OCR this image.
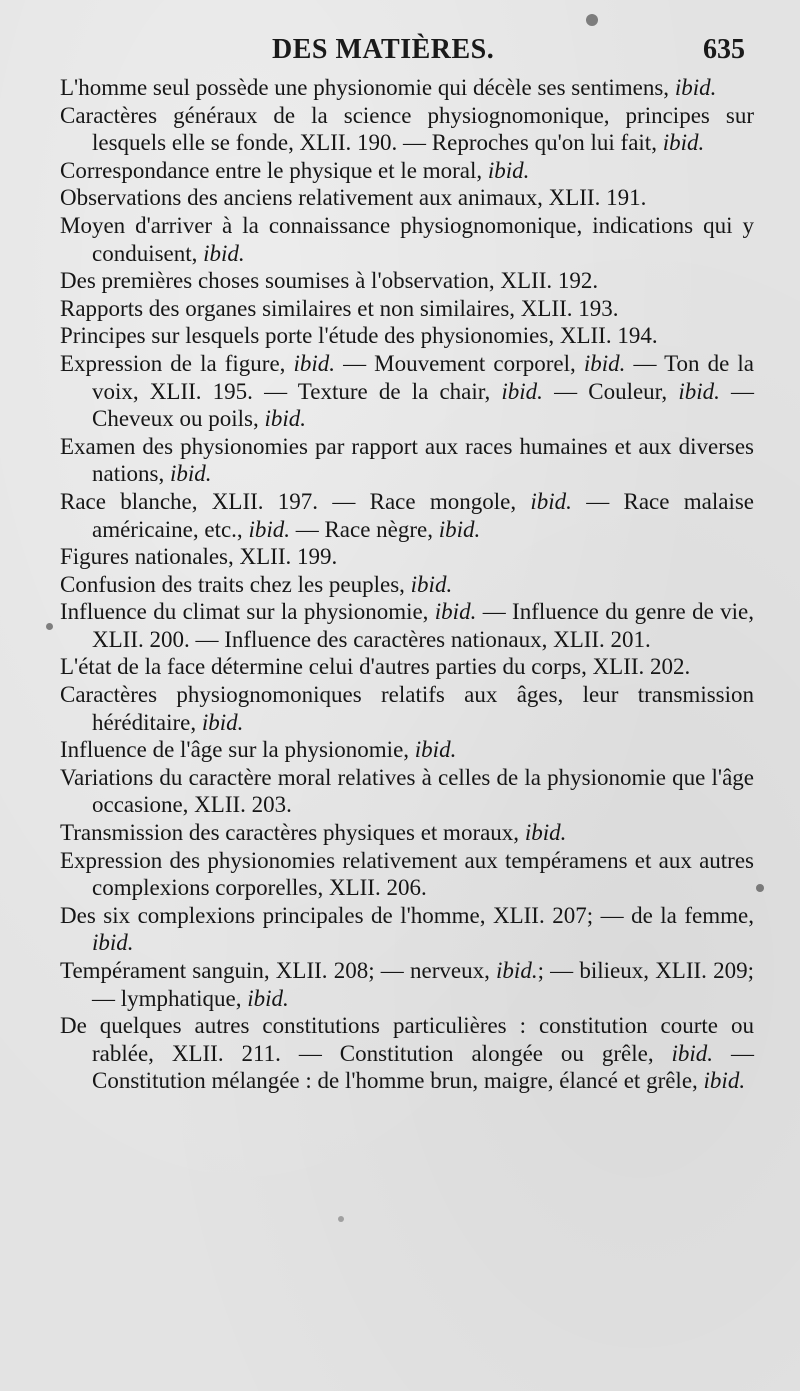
DES MATIÈRES.	635

L'homme seul possède une physionomie qui décèle ses sentimens, ibid.

Caractères généraux de la science physiognomonique, principes sur lesquels elle se fonde, XLII. 190. — Reproches qu'on lui fait, ibid.

Correspondance entre le physique et le moral, ibid.

Observations des anciens relativement aux animaux, XLII. 191.

Moyen d'arriver à la connaissance physiognomonique, indications qui y conduisent, ibid.

Des premières choses soumises à l'observation, XLII. 192.

Rapports des organes similaires et non similaires, XLII. 193.

Principes sur lesquels porte l'étude des physionomies, XLII. 194.

Expression de la figure, ibid. — Mouvement corporel, ibid. — Ton de la voix, XLII. 195. — Texture de la chair, ibid. — Couleur, ibid. — Cheveux ou poils, ibid.

Examen des physionomies par rapport aux races humaines et aux diverses nations, ibid.

Race blanche, XLII. 197. — Race mongole, ibid. — Race malaise américaine, etc., ibid. — Race nègre, ibid.

Figures nationales, XLII. 199.

Confusion des traits chez les peuples, ibid.

Influence du climat sur la physionomie, ibid. — Influence du genre de vie, XLII. 200. — Influence des caractères nationaux, XLII. 201.

L'état de la face détermine celui d'autres parties du corps, XLII. 202.

Caractères physiognomoniques relatifs aux âges, leur transmission héréditaire, ibid.

Influence de l'âge sur la physionomie, ibid.

Variations du caractère moral relatives à celles de la physionomie que l'âge occasione, XLII. 203.

Transmission des caractères physiques et moraux, ibid.

Expression des physionomies relativement aux tempéramens et aux autres complexions corporelles, XLII. 206.

Des six complexions principales de l'homme, XLII. 207; — de la femme, ibid.

Tempérament sanguin, XLII. 208; — nerveux, ibid.; — bilieux, XLII. 209; — lymphatique, ibid.

De quelques autres constitutions particulières : constitution courte ou rablée, XLII. 211. — Constitution alongée ou grêle, ibid. — Constitution mélangée : de l'homme brun, maigre, élancé et grêle, ibid.
